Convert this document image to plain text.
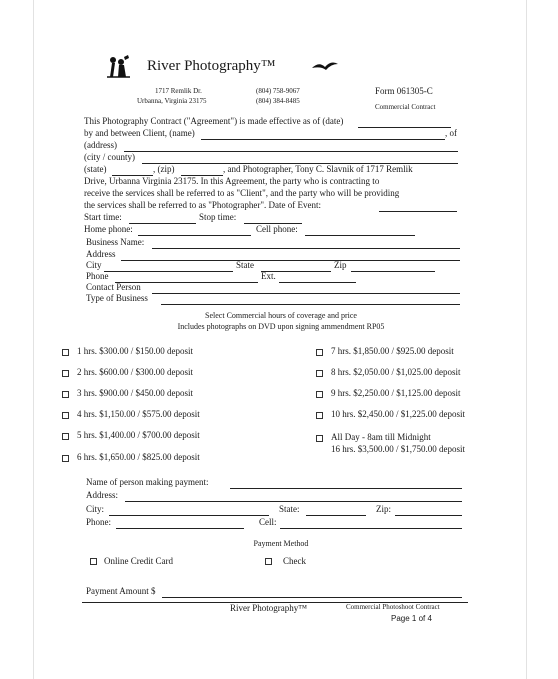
River Photography™
1717 Remlik Dr.
Urbanna, Virginia 23175
(804) 758-9067
(804) 384-8485
Form 061305-C
Commercial Contract
This Photography Contract ("Agreement") is made effective as of (date)
by and between Client, (name)	, of
(address)
(city / county)
(state)	, (zip)	, and Photographer, Tony C. Slavnik of 1717 Remlik
Drive, Urbanna Virginia 23175. In this Agreement, the party who is contracting to
receive the services shall be referred to as "Client", and the party who will be providing
the services shall be referred to as "Photographer". Date of Event:
Start time:	Stop time:
Home phone:	Cell phone:
Business Name:
Address
City	State	Zip
Phone	Ext.
Contact Person
Type of Business
Select Commercial hours of coverage and price
Includes photographs on DVD upon signing ammendment RP05
1 hrs. $300.00 / $150.00 deposit
2 hrs. $600.00 / $300.00 deposit
3 hrs. $900.00 / $450.00 deposit
4 hrs. $1,150.00 / $575.00 deposit
5 hrs. $1,400.00 / $700.00 deposit
6 hrs. $1,650.00 / $825.00 deposit
7 hrs. $1,850.00 / $925.00 deposit
8 hrs. $2,050.00 / $1,025.00 deposit
9 hrs. $2,250.00 / $1,125.00 deposit
10 hrs. $2,450.00 / $1,225.00 deposit
All Day - 8am till Midnight
16 hrs. $3,500.00 / $1,750.00 deposit
Name of person making payment:
Address:
City:	State:	Zip:
Phone:	Cell:
Payment Method
Online Credit Card	Check
Payment Amount $
River Photography™	Commercial Photoshoot Contract
Page 1 of 4
